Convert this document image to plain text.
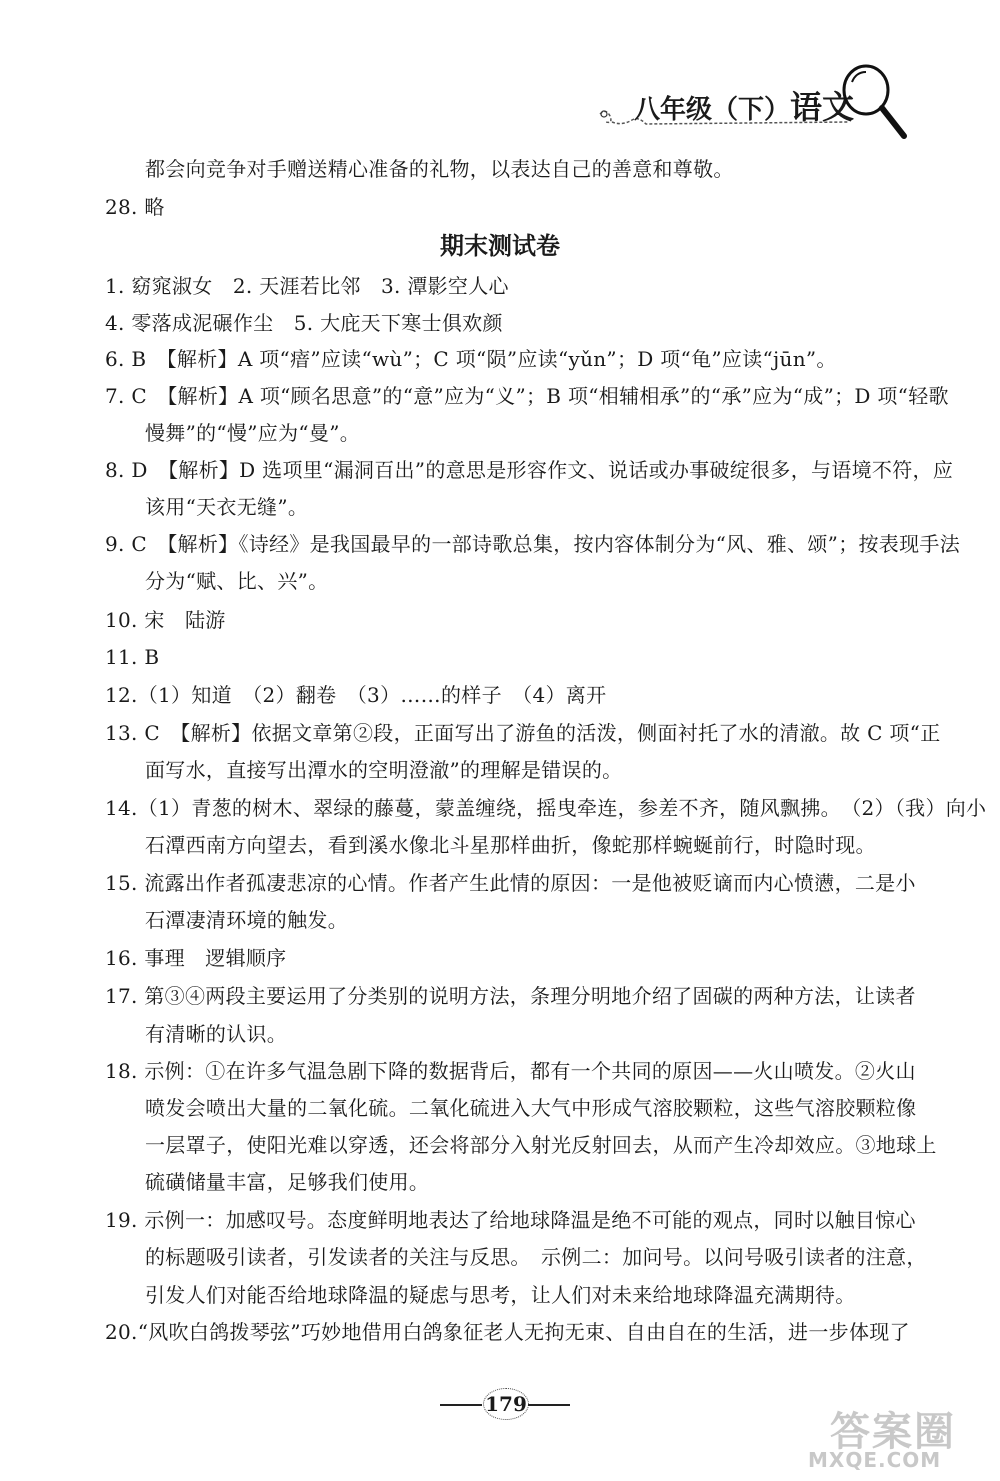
八年级（下）语文
都会向竞争对手赠送精心准备的礼物，以表达自己的善意和尊敬。
28. 略
期末测试卷
1. 窈窕淑女　2. 天涯若比邻　3. 潭影空人心
4. 零落成泥碾作尘　5. 大庇天下寒士俱欢颜
6. B　【解析】A 项“瘖”应读“wù”；C 项“陨”应读“yǔn”；D 项“龟”应读“jūn”。
7. C　【解析】A 项“顾名思意”的“意”应为“义”；B 项“相辅相承”的“承”应为“成”；D 项“轻歌
慢舞”的“慢”应为“曼”。
8. D　【解析】D 选项里“漏洞百出”的意思是形容作文、说话或办事破绽很多，与语境不符，应
该用“天衣无缝”。
9. C　【解析】《诗经》是我国最早的一部诗歌总集，按内容体制分为“风、雅、颂”；按表现手法
分为“赋、比、兴”。
10. 宋　陆游
11. B
12.（1）知道　（2）翻卷　（3）……的样子　（4）离开
13. C　【解析】依据文章第②段，正面写出了游鱼的活泼，侧面衬托了水的清澈。故 C 项“正
面写水，直接写出潭水的空明澄澈”的理解是错误的。
14.（1）青葱的树木、翠绿的藤蔓，蒙盖缠绕，摇曳牵连，参差不齐，随风飘拂。　（2）（我）向小
石潭西南方向望去，看到溪水像北斗星那样曲折，像蛇那样蜿蜒前行，时隐时现。
15. 流露出作者孤凄悲凉的心情。作者产生此情的原因：一是他被贬谪而内心愤懑，二是小
石潭凄清环境的触发。
16. 事理　逻辑顺序
17. 第③④两段主要运用了分类别的说明方法，条理分明地介绍了固碳的两种方法，让读者
有清晰的认识。
18. 示例：①在许多气温急剧下降的数据背后，都有一个共同的原因——火山喷发。②火山
喷发会喷出大量的二氧化硫。二氧化硫进入大气中形成气溶胶颗粒，这些气溶胶颗粒像
一层罩子，使阳光难以穿透，还会将部分入射光反射回去，从而产生冷却效应。③地球上
硫磺储量丰富，足够我们使用。
19. 示例一：加感叹号。态度鲜明地表达了给地球降温是绝不可能的观点，同时以触目惊心
的标题吸引读者，引发读者的关注与反思。　示例二：加问号。以问号吸引读者的注意，
引发人们对能否给地球降温的疑虑与思考，让人们对未来给地球降温充满期待。
20.“风吹白鸽拨琴弦”巧妙地借用白鸽象征老人无拘无束、自由自在的生活，进一步体现了
179
答案圈
MXQE.COM
